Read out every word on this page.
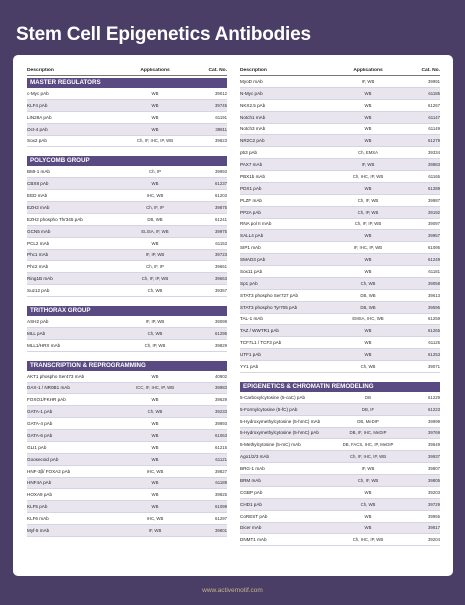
Stem Cell Epigenetics Antibodies
Description	Applications	Cat. No.
MASTER REGULATORS
c-Myc pAb	WB	39012
KLF4 pAb	WB	39745
LIN28A pAb	WB	61191
Oct-4 pAb	WB	39811
Sox2 pAb	Ch, IF, IHC, IP, WB	39823
POLYCOMB GROUP
BMI-1 mAb	Ch, IP	39993
CBX8 pAb	WB	61237
EED mAb	IHC, WB	61203
EZH2 mAb	Ch, IF, IP	39875
EZH2 phospho Thr345 pAb	DB, WB	61241
GCN5 mAb	ELISA, IF, WB	39975
PCL2 mAb	WB	61153
Phc1 mAb	IF, IP, WB	39723
Phc2 mAb	Ch, IF, IP	39661
Ring1B mAb	Ch, IF, IP, WB	39663
Suz12 pAb	Ch, WB	39357
TRITHORAX GROUP
ASH2 pAb	IF, IP, WB	39099
MLL pAb	Ch, WB	61295
MLL1/HRX mAb	Ch, IP, WB	39829
TRANSCRIPTION & REPROGRAMMING
AKT1 phospho Ser473 mAb	WB	40902
DAX-1 / NR0B1 mAb	ICC, IF, IHC, IP, WB	39983
FOXO1/FKHR pAb	WB	39629
GATA-1 pAb	Ch, WB	39233
GATA-4 pAb	WB	39893
GATA-6 pAb	WB	61063
GLI1 pAb	WB	61215
Goosecoid pAb	WB	61121
HNF-3β/ FOXA2 pAb	IHC, WB	39827
HNF4A pAb	WB	61189
HOXA9 pAb	WB	39825
KLF5 pAb	WB	61099
KLF6 mAb	IHC, WB	61297
Myf-5 mAb	IF, WB	39801
Description	Applications	Cat. No.
MyoD mAb	IF, WB	39991
N-Myc pAb	WB	61185
NKX2.5 pAb	WB	61267
Notch1 mAb	WB	61147
Notch3 mAb	WB	61149
NR2C2 pAb	WB	61279
p53 pAb	Ch, EMSA	39334
PAX7 mAb	IF, WB	39883
PBX1b mAb	Ch, IHC, IP, WB	61165
PDX1 pAb	WB	61289
PLZF mAb	Ch, IF, WB	39987
PP2A pAb	Ch, IP, WB	39192
RNA pol II mAb	Ch, IF, IP, WB	39097
SALL4 pAb	WB	39957
SIP1 mAb	IF, IHC, IP, WB	61095
SMAD3 pAb	WB	61249
Sox11 pAb	WB	61181
Sp1 pAb	Ch, WB	39058
STAT3 phospho Ser727 pAb	DB, WB	39613
STAT3 phospho Tyr705 pAb	DB, WB	39595
TAL-1 mAb	EMSA, IHC, WB	61259
TAZ / WWTR1 pAb	WB	61265
TCF7L1 / TCF3 pAb	WB	61125
UTF1 pAb	WB	61253
YY1 pAb	Ch, WB	39071
EPIGENETICS & CHROMATIN REMODELING
5-Carboxylcytosine (5-caC) pAb	DB	61229
5-Formylcytosine (5-fC) pAb	DB, IF	61223
5-Hydroxymethylcytosine (5-hmC) mAb	DB, MeDIP	39999
5-Hydroxymethylcytosine (5-hmC) pAb	DB, IF, IHC, MeDIP	39769
5-Methylcytosine (5-mC) mAb	DB, FACS, IHC, IP, MeDIP	39649
Ago1/2/3 mAb	Ch, IF, IHC, IP, WB	39937
BRG-1 mAb	IF, WB	39807
BRM mAb	Ch, IF, WB	39805
CGBP pAb	WB	39203
CHD1 pAb	Ch, WB	39729
CoREST pAb	WB	39955
Dicer mAb	WB	39817
DNMT1 mAb	Ch, IHC, IP, WB	39204
www.activemotif.com
